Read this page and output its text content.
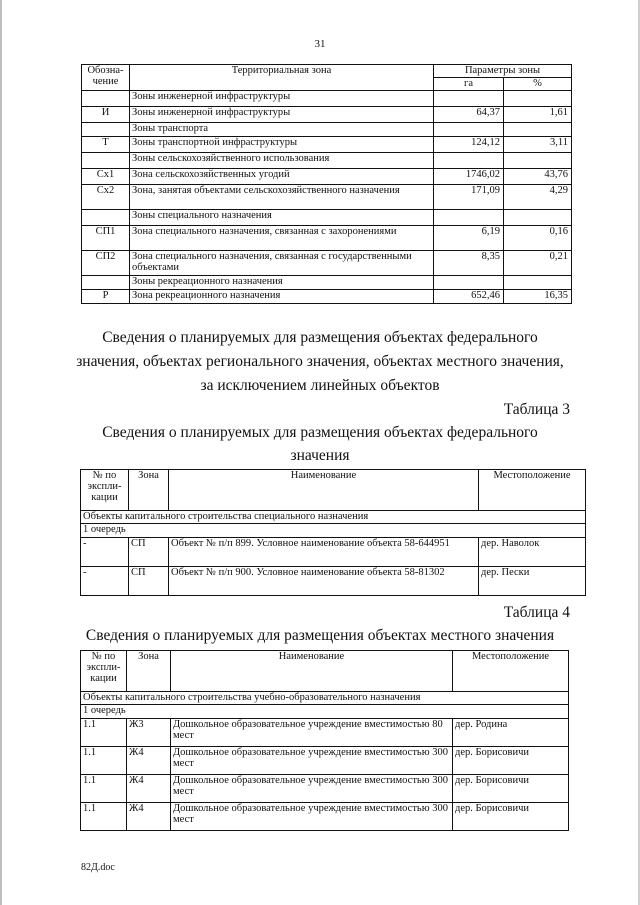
31
Обозна-
чение	Территориальная зона	Параметры зоны	
		га	%
	Зоны инженерной инфраструктуры		
И	Зоны инженерной инфраструктуры	64,37	1,61
	Зоны транспорта		
Т	Зоны транспортной инфраструктуры	124,12	3,11
	Зоны сельскохозяйственного использования		
Сх1	Зона сельскохозяйственных угодий	1746,02	43,76
Сх2	Зона, занятая объектами сельскохозяйственного назначения	171,09	4,29
	Зоны специального назначения		
СП1	Зона специального назначения, связанная с захоронениями	6,19	0,16
СП2	Зона специального назначения, связанная с государственными объектами	8,35	0,21
	Зоны рекреационного назначения		
Р	Зона рекреационного назначения	652,46	16,35
Сведения о планируемых для размещения объектах федерального
значения, объектах регионального значения, объектах местного значения,
за исключением линейных объектов
Таблица 3
Сведения о планируемых для размещения объектах федерального
значения
№ по
экспли-
кации	Зона	Наименование	Местоположение
Объекты капитального строительства специального назначения			
1 очередь			
-	СП	Объект № п/п 899. Условное наименование объекта 58-644951	дер. Наволок
-	СП	Объект № п/п 900. Условное наименование объекта 58-81302	дер. Пески
Таблица 4
Сведения о планируемых для размещения объектах местного значения
№ по
экспли-
кации	Зона	Наименование	Местоположение
Объекты капитального строительства учебно-образовательного назначения			
1 очередь			
1.1	Ж3	Дошкольное образовательное учреждение вместимостью 80 мест	дер. Родина
1.1	Ж4	Дошкольное образовательное учреждение вместимостью 300 мест	дер. Борисовичи
1.1	Ж4	Дошкольное образовательное учреждение вместимостью 300 мест	дер. Борисовичи
1.1	Ж4	Дошкольное образовательное учреждение вместимостью 300 мест	дер. Борисовичи
82Д.doc
